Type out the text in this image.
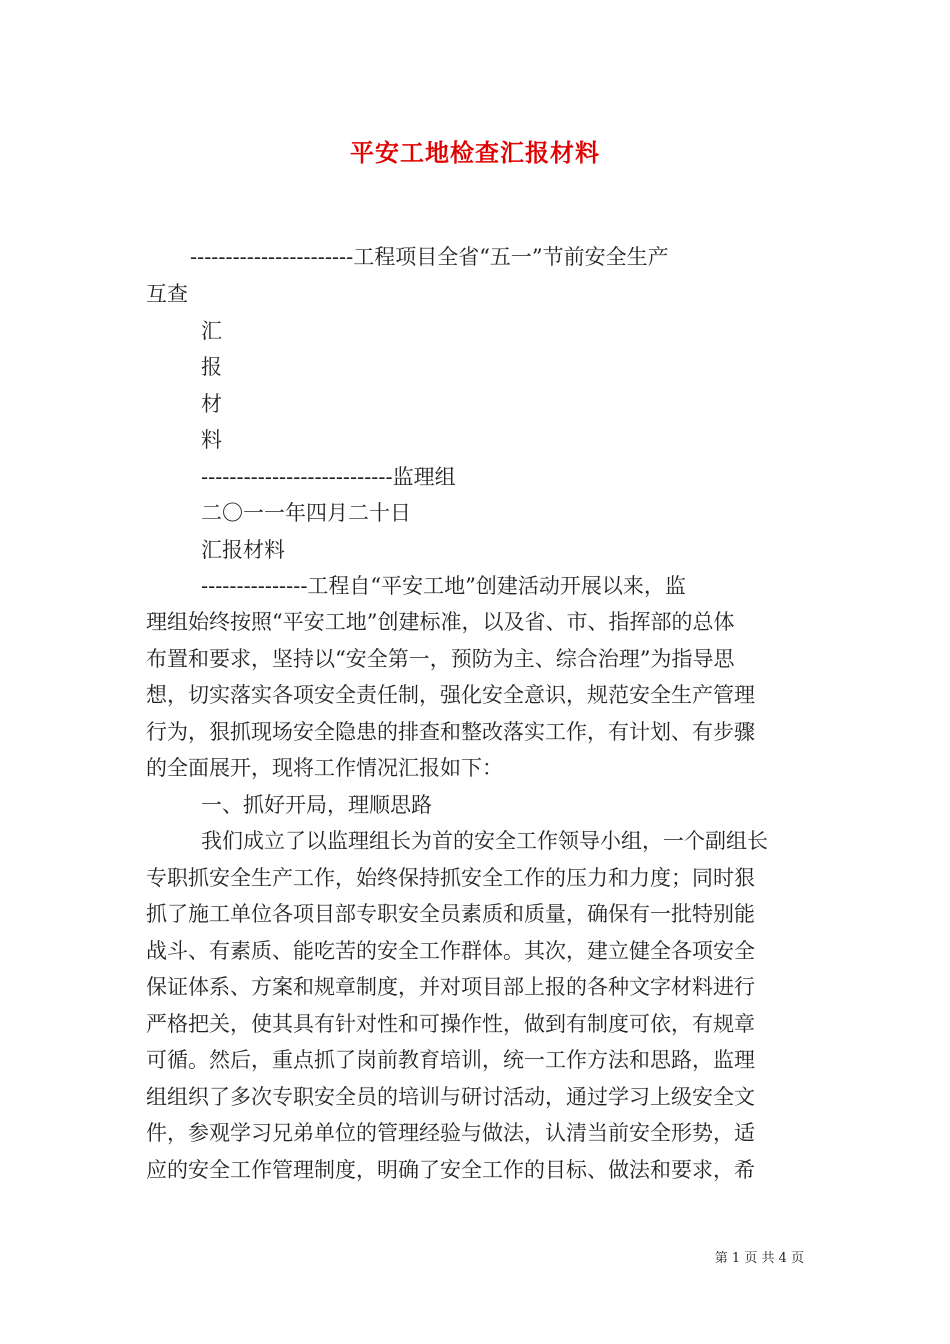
平安工地检查汇报材料

-----------------------工程项目全省“五一”节前安全生产

互查

汇

报

材

料

---------------------------监理组

二〇一一年四月二十日

汇报材料

---------------工程自“平安工地”创建活动开展以来，监

理组始终按照“平安工地”创建标准，以及省、市、指挥部的总体

布置和要求，坚持以“安全第一，预防为主、综合治理”为指导思

想，切实落实各项安全责任制，强化安全意识，规范安全生产管理

行为，狠抓现场安全隐患的排查和整改落实工作，有计划、有步骤

的全面展开，现将工作情况汇报如下：

一、抓好开局，理顺思路

我们成立了以监理组长为首的安全工作领导小组，一个副组长

专职抓安全生产工作，始终保持抓安全工作的压力和力度；同时狠

抓了施工单位各项目部专职安全员素质和质量，确保有一批特别能

战斗、有素质、能吃苦的安全工作群体。其次，建立健全各项安全

保证体系、方案和规章制度，并对项目部上报的各种文字材料进行

严格把关，使其具有针对性和可操作性，做到有制度可依，有规章

可循。然后，重点抓了岗前教育培训，统一工作方法和思路，监理

组组织了多次专职安全员的培训与研讨活动，通过学习上级安全文

件，参观学习兄弟单位的管理经验与做法，认清当前安全形势，适

应的安全工作管理制度，明确了安全工作的目标、做法和要求，希

第 1 页 共 4 页
